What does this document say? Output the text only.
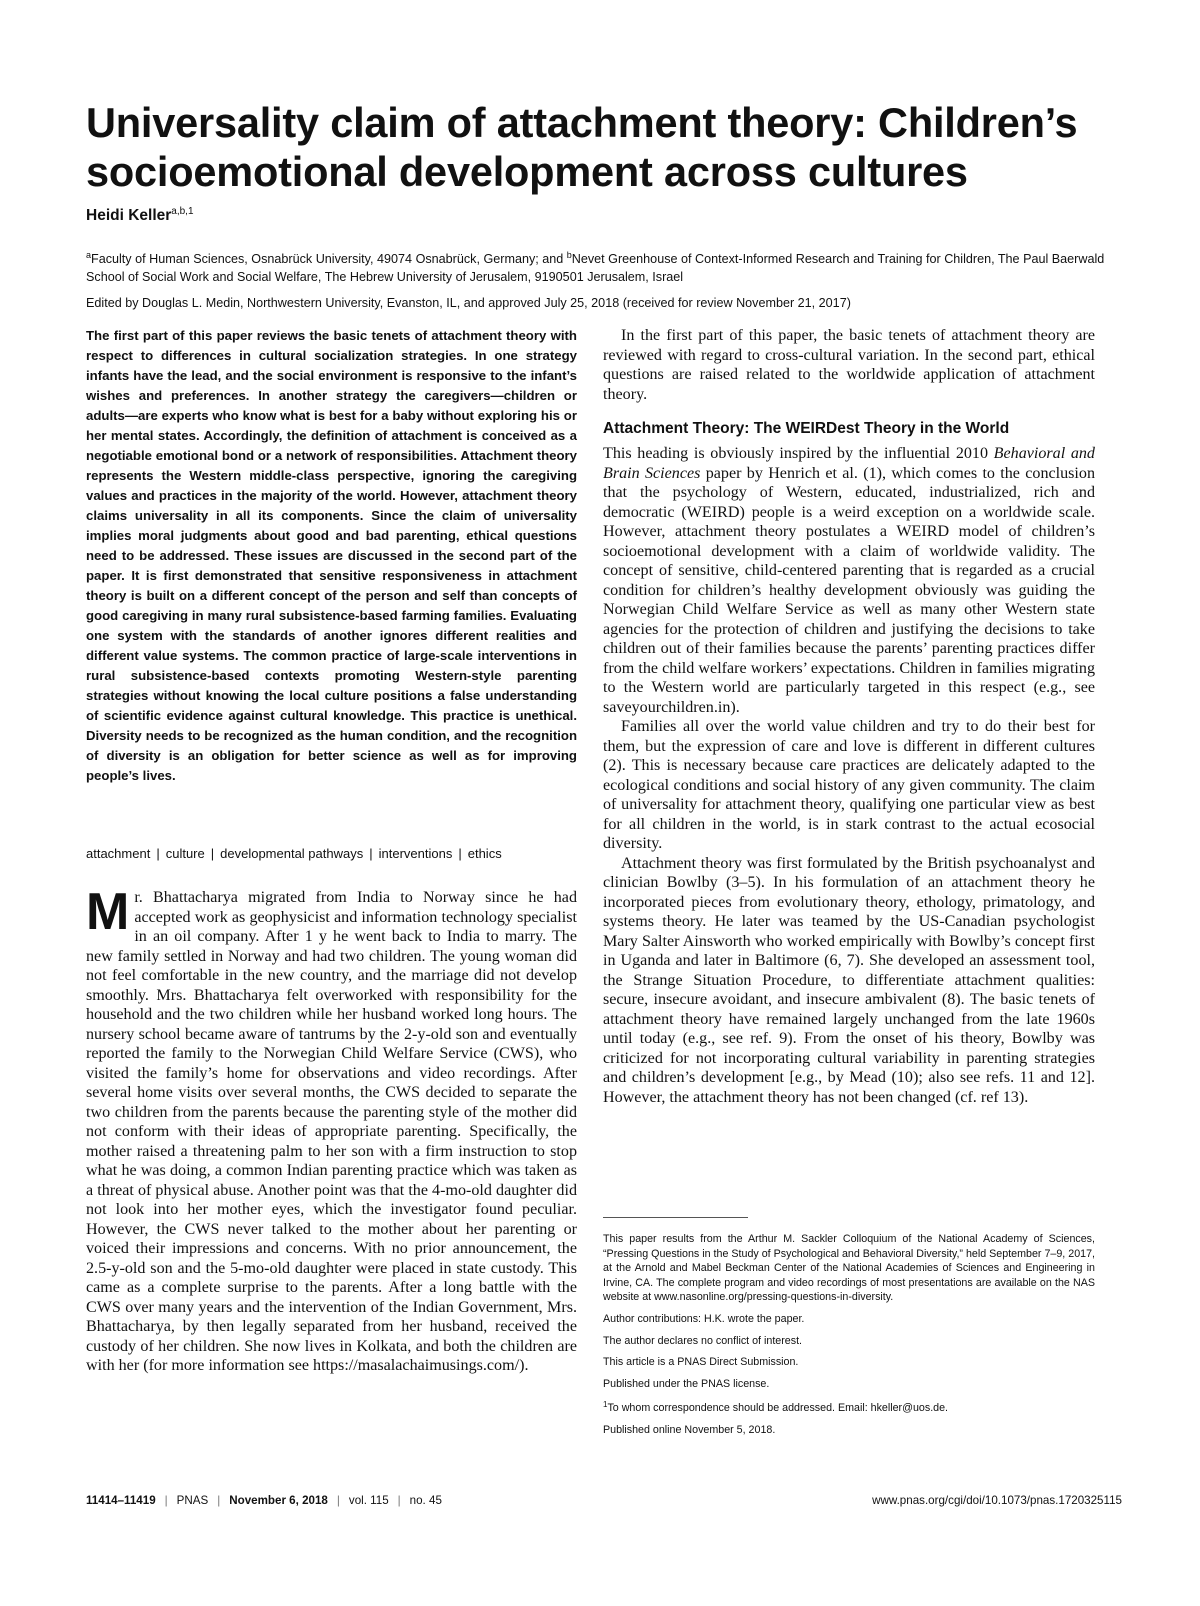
Universality claim of attachment theory: Children’s socioemotional development across cultures
Heidi Keller$^{a,b,1}$
$^a$Faculty of Human Sciences, Osnabrück University, 49074 Osnabrück, Germany; and $^b$Nevet Greenhouse of Context-Informed Research and Training for Children, The Paul Baerwald School of Social Work and Social Welfare, The Hebrew University of Jerusalem, 9190501 Jerusalem, Israel
Edited by Douglas L. Medin, Northwestern University, Evanston, IL, and approved July 25, 2018 (received for review November 21, 2017)

The first part of this paper reviews the basic tenets of attachment theory with respect to differences in cultural socialization strategies. In one strategy infants have the lead, and the social environment is responsive to the infant’s wishes and preferences. In another strategy the caregivers—children or adults—are experts who know what is best for a baby without exploring his or her mental states. Accordingly, the definition of attachment is conceived as a negotiable emotional bond or a network of responsibilities. Attachment theory represents the Western middle-class perspective, ignoring the caregiving values and practices in the majority of the world. However, attachment theory claims universality in all its components. Since the claim of universality implies moral judgments about good and bad parenting, ethical questions need to be addressed. These issues are discussed in the second part of the paper. It is first demonstrated that sensitive responsiveness in attachment theory is built on a different concept of the person and self than concepts of good caregiving in many rural subsistence-based farming families. Evaluating one system with the standards of another ignores different realities and different value systems. The common practice of large-scale interventions in rural subsistence-based contexts promoting Western-style parenting strategies without knowing the local culture positions a false understanding of scientific evidence against cultural knowledge. This practice is unethical. Diversity needs to be recognized as the human condition, and the recognition of diversity is an obligation for better science as well as for improving people’s lives.

attachment | culture | developmental pathways | interventions | ethics

Mr. Bhattacharya migrated from India to Norway since he had accepted work as geophysicist and information technology specialist in an oil company. After 1 y he went back to India to marry. The new family settled in Norway and had two children. The young woman did not feel comfortable in the new country, and the marriage did not develop smoothly. Mrs. Bhattacharya felt overworked with responsibility for the household and the two children while her husband worked long hours. The nursery school became aware of tantrums by the 2-y-old son and eventually reported the family to the Norwegian Child Welfare Service (CWS), who visited the family’s home for observations and video recordings. After several home visits over several months, the CWS decided to separate the two children from the parents because the parenting style of the mother did not conform with their ideas of appropriate parenting. Specifically, the mother raised a threatening palm to her son with a firm instruction to stop what he was doing, a common Indian parenting practice which was taken as a threat of physical abuse. Another point was that the 4-mo-old daughter did not look into her mother eyes, which the investigator found peculiar. However, the CWS never talked to the mother about her parenting or voiced their impressions and concerns. With no prior announcement, the 2.5-y-old son and the 5-mo-old daughter were placed in state custody. This came as a complete surprise to the parents. After a long battle with the CWS over many years and the intervention of the Indian Government, Mrs. Bhattacharya, by then legally separated from her husband, received the custody of her children. She now lives in Kolkata, and both the children are with her (for more information see https://masalachaimusings.com/).

In the first part of this paper, the basic tenets of attachment theory are reviewed with regard to cross-cultural variation. In the second part, ethical questions are raised related to the worldwide application of attachment theory.

Attachment Theory: The WEIRDest Theory in the World

This heading is obviously inspired by the influential 2010 Behavioral and Brain Sciences paper by Henrich et al. (1), which comes to the conclusion that the psychology of Western, educated, industrialized, rich and democratic (WEIRD) people is a weird exception on a worldwide scale. However, attachment theory postulates a WEIRD model of children’s socioemotional development with a claim of worldwide validity. The concept of sensitive, child-centered parenting that is regarded as a crucial condition for children’s healthy development obviously was guiding the Norwegian Child Welfare Service as well as many other Western state agencies for the protection of children and justifying the decisions to take children out of their families because the parents’ parenting practices differ from the child welfare workers’ expectations. Children in families migrating to the Western world are particularly targeted in this respect (e.g., see saveyourchildren.in).

Families all over the world value children and try to do their best for them, but the expression of care and love is different in different cultures (2). This is necessary because care practices are delicately adapted to the ecological conditions and social history of any given community. The claim of universality for attachment theory, qualifying one particular view as best for all children in the world, is in stark contrast to the actual ecosocial diversity.

Attachment theory was first formulated by the British psychoanalyst and clinician Bowlby (3–5). In his formulation of an attachment theory he incorporated pieces from evolutionary theory, ethology, primatology, and systems theory. He later was teamed by the US-Canadian psychologist Mary Salter Ainsworth who worked empirically with Bowlby’s concept first in Uganda and later in Baltimore (6, 7). She developed an assessment tool, the Strange Situation Procedure, to differentiate attachment qualities: secure, insecure avoidant, and insecure ambivalent (8). The basic tenets of attachment theory have remained largely unchanged from the late 1960s until today (e.g., see ref. 9). From the onset of his theory, Bowlby was criticized for not incorporating cultural variability in parenting strategies and children’s development [e.g., by Mead (10); also see refs. 11 and 12]. However, the attachment theory has not been changed (cf. ref 13).

This paper results from the Arthur M. Sackler Colloquium of the National Academy of Sciences, “Pressing Questions in the Study of Psychological and Behavioral Diversity,” held September 7–9, 2017, at the Arnold and Mabel Beckman Center of the National Academies of Sciences and Engineering in Irvine, CA. The complete program and video recordings of most presentations are available on the NAS website at www.nasonline.org/pressing-questions-in-diversity.

Author contributions: H.K. wrote the paper.

The author declares no conflict of interest.

This article is a PNAS Direct Submission.

Published under the PNAS license.

$^1$To whom correspondence should be addressed. Email: hkeller@uos.de.

Published online November 5, 2018.

11414–11419 | PNAS | November 6, 2018 | vol. 115 | no. 45	www.pnas.org/cgi/doi/10.1073/pnas.1720325115
